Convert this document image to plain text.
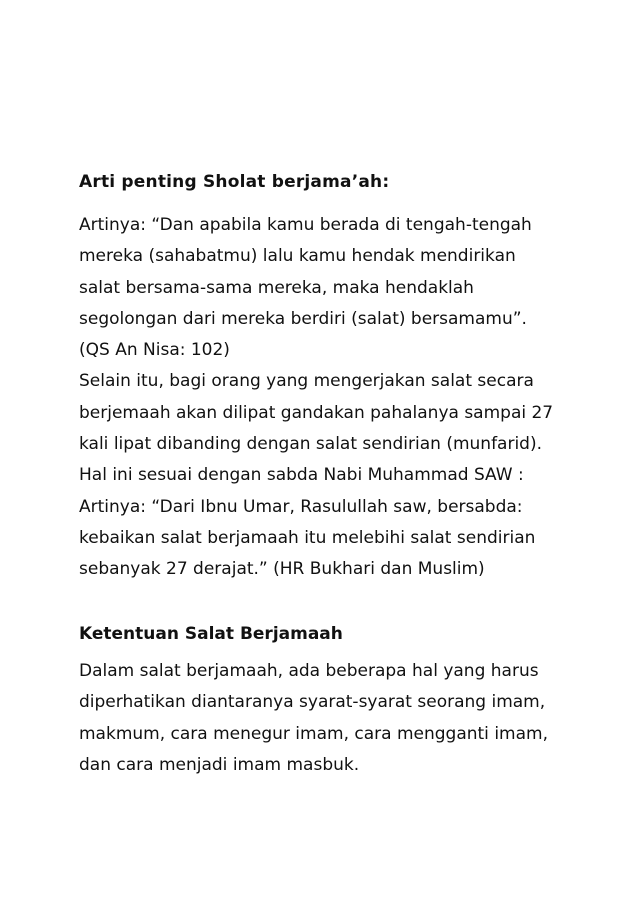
Arti penting Sholat berjama’ah:
Artinya: “Dan apabila kamu berada di tengah-tengah
mereka (sahabatmu) lalu kamu hendak mendirikan
salat bersama-sama mereka, maka hendaklah
segolongan dari mereka berdiri (salat) bersamamu”.
(QS An Nisa: 102)
Selain itu, bagi orang yang mengerjakan salat secara
berjemaah akan dilipat gandakan pahalanya sampai 27
kali lipat dibanding dengan salat sendirian (munfarid).
Hal ini sesuai dengan sabda Nabi Muhammad SAW :
Artinya: “Dari Ibnu Umar, Rasulullah saw, bersabda:
kebaikan salat berjamaah itu melebihi salat sendirian
sebanyak 27 derajat.” (HR Bukhari dan Muslim)
Ketentuan Salat Berjamaah
Dalam salat berjamaah, ada beberapa hal yang harus
diperhatikan diantaranya syarat-syarat seorang imam,
makmum, cara menegur imam, cara mengganti imam,
dan cara menjadi imam masbuk.
